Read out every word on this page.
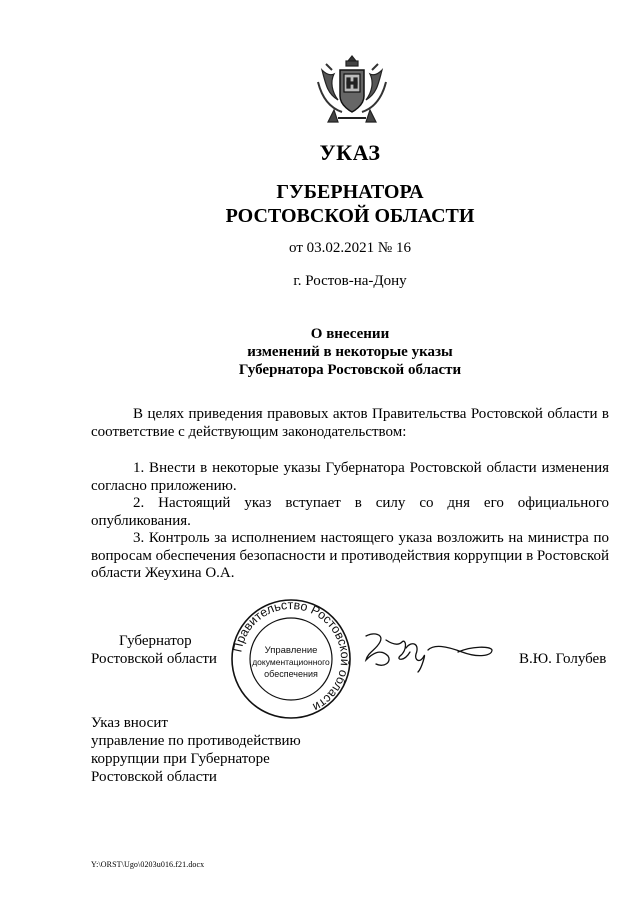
УКАЗ
ГУБЕРНАТОРА
РОСТОВСКОЙ ОБЛАСТИ
от 03.02.2021 № 16
г. Ростов-на-Дону
О внесении
изменений в некоторые указы
Губернатора Ростовской области

В целях приведения правовых актов Правительства Ростовской области в соответствие с действующим законодательством:

1. Внести в некоторые указы Губернатора Ростовской области изменения согласно приложению.

2. Настоящий указ вступает в силу со дня его официального опубликования.

3. Контроль за исполнением настоящего указа возложить на министра по вопросам обеспечения безопасности и противодействия коррупции в Ростовской области Жеухина О.А.

Губернатор
Ростовской области
Правительство Ростовской области
Управление
документационного
обеспечения
В.Ю. Голубев
Указ вносит
управление по противодействию
коррупции при Губернаторе
Ростовской области
Y:\ORST\Ugo\0203u016.f21.docx
